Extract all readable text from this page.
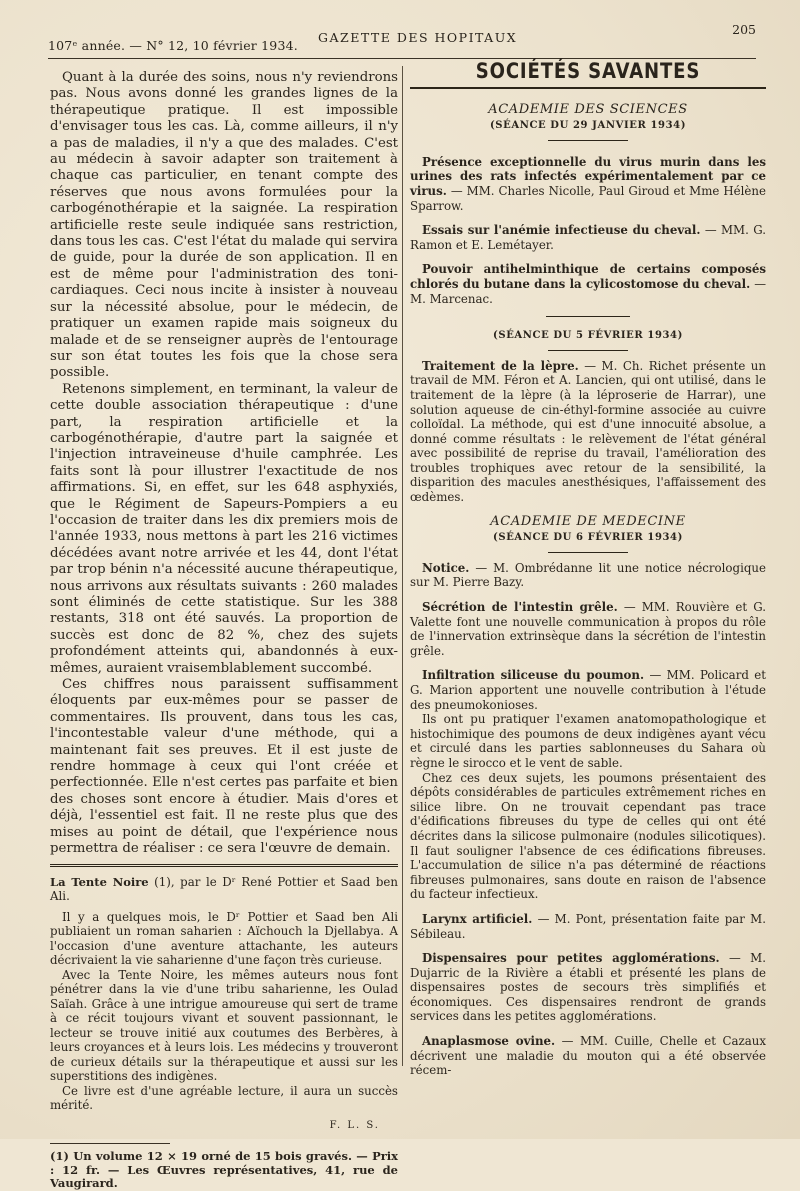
107ᵉ année. — N° 12, 10 février 1934.
GAZETTE DES HOPITAUX
205

Quant à la durée des soins, nous n'y reviendrons pas. Nous avons donné les grandes lignes de la thérapeutique pratique. Il est impossible d'envisager tous les cas. Là, comme ailleurs, il n'y a pas de maladies, il n'y a que des malades. C'est au médecin à savoir adapter son traitement à chaque cas particulier, en tenant compte des réserves que nous avons formulées pour la carbogénothérapie et la saignée. La respiration artificielle reste seule indiquée sans restriction, dans tous les cas. C'est l'état du malade qui servira de guide, pour la durée de son application. Il en est de même pour l'administration des toni-cardiaques. Ceci nous incite à insister à nouveau sur la nécessité absolue, pour le médecin, de pratiquer un examen rapide mais soigneux du malade et de se renseigner auprès de l'entourage sur son état toutes les fois que la chose sera possible.

Retenons simplement, en terminant, la valeur de cette double association thérapeutique : d'une part, la respiration artificielle et la carbogénothérapie, d'autre part la saignée et l'injection intraveineuse d'huile camphrée. Les faits sont là pour illustrer l'exactitude de nos affirmations. Si, en effet, sur les 648 asphyxiés, que le Régiment de Sapeurs-Pompiers a eu l'occasion de traiter dans les dix premiers mois de l'année 1933, nous mettons à part les 216 victimes décédées avant notre arrivée et les 44, dont l'état par trop bénin n'a nécessité aucune thérapeutique, nous arrivons aux résultats suivants : 260 malades sont éliminés de cette statistique. Sur les 388 restants, 318 ont été sauvés. La proportion de succès est donc de 82 %, chez des sujets profondément atteints qui, abandonnés à eux-mêmes, auraient vraisemblablement succombé.

Ces chiffres nous paraissent suffisamment éloquents par eux-mêmes pour se passer de commentaires. Ils prouvent, dans tous les cas, l'incontestable valeur d'une méthode, qui a maintenant fait ses preuves. Et il est juste de rendre hommage à ceux qui l'ont créée et perfectionnée. Elle n'est certes pas parfaite et bien des choses sont encore à étudier. Mais d'ores et déjà, l'essentiel est fait. Il ne reste plus que des mises au point de détail, que l'expérience nous permettra de réaliser : ce sera l'œuvre de demain.

La Tente Noire (1), par le Dʳ René Pottier et Saad ben Ali.

Il y a quelques mois, le Dʳ Pottier et Saad ben Ali publiaient un roman saharien : Aïchouch la Djellabya. A l'occasion d'une aventure attachante, les auteurs décrivaient la vie saharienne d'une façon très curieuse.

Avec la Tente Noire, les mêmes auteurs nous font pénétrer dans la vie d'une tribu saharienne, les Oulad Saïah. Grâce à une intrigue amoureuse qui sert de trame à ce récit toujours vivant et souvent passionnant, le lecteur se trouve initié aux coutumes des Berbères, à leurs croyances et à leurs lois. Les médecins y trouveront de curieux détails sur la thérapeutique et aussi sur les superstitions des indigènes.

Ce livre est d'une agréable lecture, il aura un succès mérité.

F. L. S.

(1) Un volume 12 × 19 orné de 15 bois gravés. — Prix : 12 fr. — Les Œuvres représentatives, 41, rue de Vaugirard.

SOCIÉTÉS SAVANTES
ACADEMIE DES SCIENCES
(SÉANCE DU 29 JANVIER 1934)

Présence exceptionnelle du virus murin dans les urines des rats infectés expérimentalement par ce virus. — MM. Charles Nicolle, Paul Giroud et Mme Hélène Sparrow.

Essais sur l'anémie infectieuse du cheval. — MM. G. Ramon et E. Lemétayer.

Pouvoir antihelminthique de certains composés chlorés du butane dans la cylicostomose du cheval. — M. Marcenac.

(SÉANCE DU 5 FÉVRIER 1934)

Traitement de la lèpre. — M. Ch. Richet présente un travail de MM. Féron et A. Lancien, qui ont utilisé, dans le traitement de la lèpre (à la léproserie de Harrar), une solution aqueuse de cin-éthyl-formine associée au cuivre colloïdal. La méthode, qui est d'une innocuité absolue, a donné comme résultats : le relèvement de l'état général avec possibilité de reprise du travail, l'amélioration des troubles trophiques avec retour de la sensibilité, la disparition des macules anesthésiques, l'affaissement des œdèmes.

ACADEMIE DE MEDECINE
(SÉANCE DU 6 FÉVRIER 1934)

Notice. — M. Ombrédanne lit une notice nécrologique sur M. Pierre Bazy.

Sécrétion de l'intestin grêle. — MM. Rouvière et G. Valette font une nouvelle communication à propos du rôle de l'innervation extrinsèque dans la sécrétion de l'intestin grêle.

Infiltration siliceuse du poumon. — MM. Policard et G. Marion apportent une nouvelle contribution à l'étude des pneumokonioses.

Ils ont pu pratiquer l'examen anatomopathologique et histochimique des poumons de deux indigènes ayant vécu et circulé dans les parties sablonneuses du Sahara où règne le sirocco et le vent de sable.

Chez ces deux sujets, les poumons présentaient des dépôts considérables de particules extrêmement riches en silice libre. On ne trouvait cependant pas trace d'édifications fibreuses du type de celles qui ont été décrites dans la silicose pulmonaire (nodules silicotiques). Il faut souligner l'absence de ces édifications fibreuses. L'accumulation de silice n'a pas déterminé de réactions fibreuses pulmonaires, sans doute en raison de l'absence du facteur infectieux.

Larynx artificiel. — M. Pont, présentation faite par M. Sébileau.

Dispensaires pour petites agglomérations. — M. Dujarric de la Rivière a établi et présenté les plans de dispensaires postes de secours très simplifiés et économiques. Ces dispensaires rendront de grands services dans les petites agglomérations.

Anaplasmose ovine. — MM. Cuille, Chelle et Cazaux décrivent une maladie du mouton qui a été observée récem-
